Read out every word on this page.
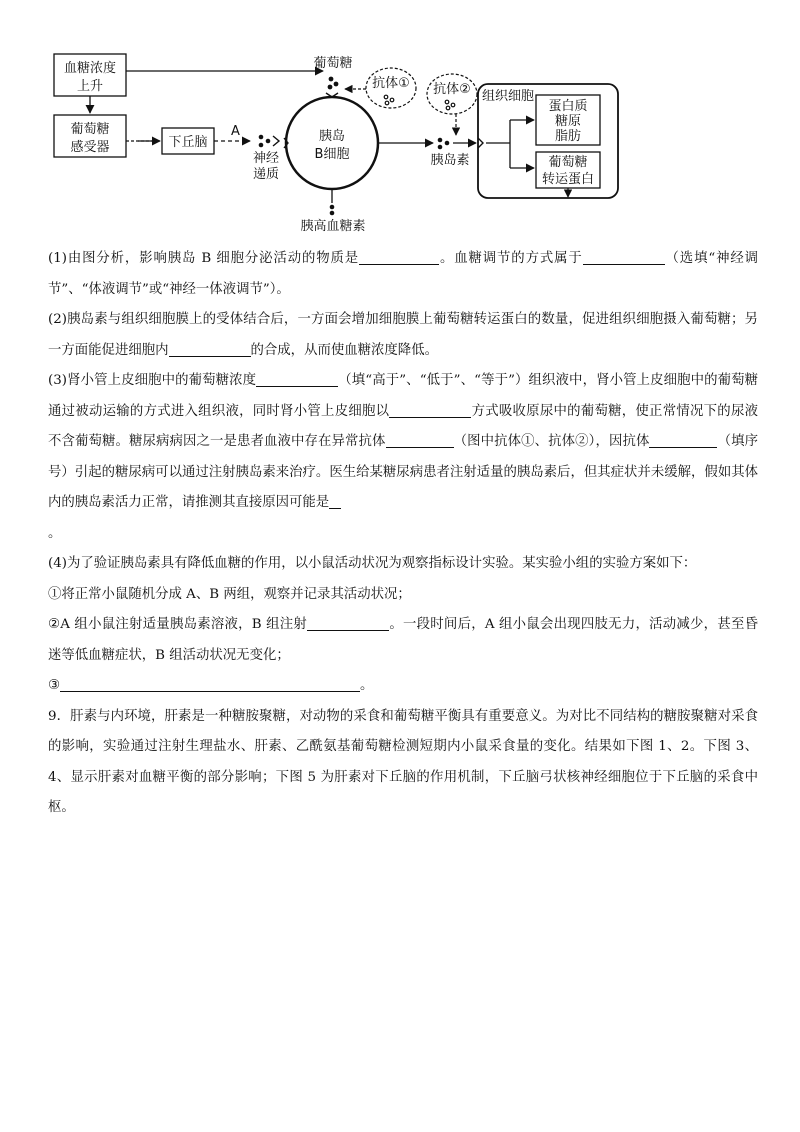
血糖浓度
上升
葡萄糖
感受器	下丘脑
A
神经
递质
胰岛
B细胞
葡萄糖
抗体①
胰岛素
抗体② 组织细胞
蛋白质
糖原
脂肪
葡萄糖
转运蛋白
胰高血糖素

(1)由图分析，影响胰岛 B 细胞分泌活动的物质是	。血糖调节的方式属于	（选填“神经调节”、“体液调节”或“神经一体液调节”）。

(2)胰岛素与组织细胞膜上的受体结合后，一方面会增加细胞膜上葡萄糖转运蛋白的数量，促进组织细胞摄入葡萄糖；另一方面能促进细胞内	的合成，从而使血糖浓度降低。

(3)肾小管上皮细胞中的葡萄糖浓度	（填“高于”、“低于”、“等于”）组织液中，肾小管上皮细胞中的葡萄糖通过被动运输的方式进入组织液，同时肾小管上皮细胞以	方式吸收原尿中的葡萄糖，使正常情况下的尿液不含葡萄糖。糖尿病病因之一是患者血液中存在异常抗体	（图中抗体①、抗体②），因抗体	（填序号）引起的糖尿病可以通过注射胰岛素来治疗。医生给某糖尿病患者注射适量的胰岛素后，但其症状并未缓解，假如其体内的胰岛素活力正常，请推测其直接原因可能是
。

(4)为了验证胰岛素具有降低血糖的作用，以小鼠活动状况为观察指标设计实验。某实验小组的实验方案如下：

①将正常小鼠随机分成 A、B 两组，观察并记录其活动状况；

②A 组小鼠注射适量胰岛素溶液，B 组注射	。一段时间后，A 组小鼠会出现四肢无力，活动减少，甚至昏迷等低血糖症状，B 组活动状况无变化；

③	。

9．肝素与内环境，肝素是一种糖胺聚糖，对动物的采食和葡萄糖平衡具有重要意义。为对比不同结构的糖胺聚糖对采食的影响，实验通过注射生理盐水、肝素、乙酰氨基葡萄糖检测短期内小鼠采食量的变化。结果如下图 1、2。下图 3、4、显示肝素对血糖平衡的部分影响；下图 5 为肝素对下丘脑的作用机制，下丘脑弓状核神经细胞位于下丘脑的采食中枢。
